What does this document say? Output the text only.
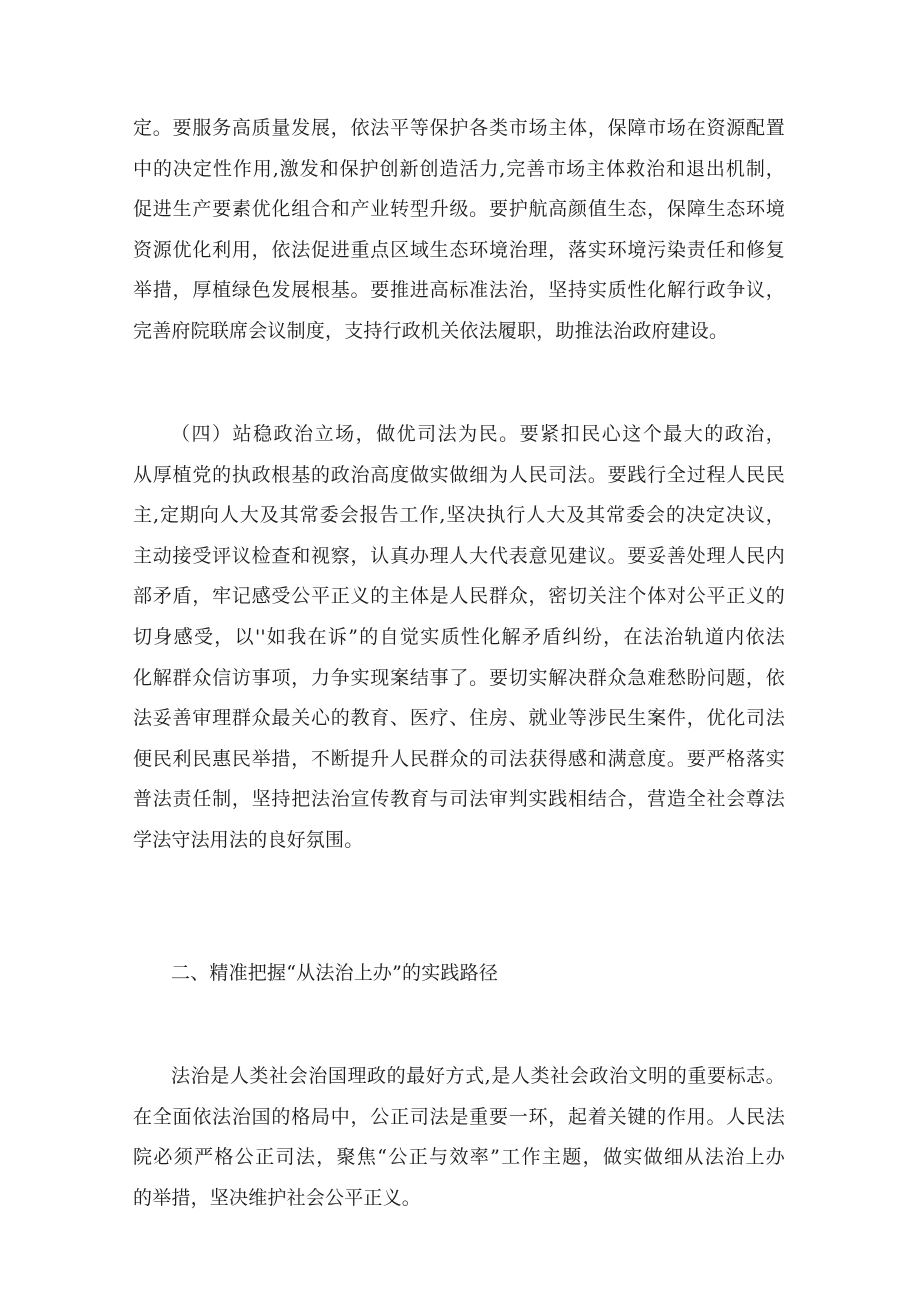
定。要服务高质量发展，依法平等保护各类市场主体，保障市场在资源配置
中的决定性作用,激发和保护创新创造活力,完善市场主体救治和退出机制，
促进生产要素优化组合和产业转型升级。要护航高颜值生态，保障生态环境
资源优化利用，依法促进重点区域生态环境治理，落实环境污染责任和修复
举措，厚植绿色发展根基。要推进高标准法治，坚持实质性化解行政争议，
完善府院联席会议制度，支持行政机关依法履职，助推法治政府建设。
（四）站稳政治立场，做优司法为民。要紧扣民心这个最大的政治，
从厚植党的执政根基的政治高度做实做细为人民司法。要践行全过程人民民
主,定期向人大及其常委会报告工作,坚决执行人大及其常委会的决定决议，
主动接受评议检查和视察，认真办理人大代表意见建议。要妥善处理人民内
部矛盾，牢记感受公平正义的主体是人民群众，密切关注个体对公平正义的
切身感受，以''如我在诉”的自觉实质性化解矛盾纠纷，在法治轨道内依法
化解群众信访事项，力争实现案结事了。要切实解决群众急难愁盼问题，依
法妥善审理群众最关心的教育、医疗、住房、就业等涉民生案件，优化司法
便民利民惠民举措，不断提升人民群众的司法获得感和满意度。要严格落实
普法责任制，坚持把法治宣传教育与司法审判实践相结合，营造全社会尊法
学法守法用法的良好氛围。
二、精准把握“从法治上办”的实践路径
法治是人类社会治国理政的最好方式,是人类社会政治文明的重要标志。
在全面依法治国的格局中，公正司法是重要一环，起着关键的作用。人民法
院必须严格公正司法，聚焦“公正与效率”工作主题，做实做细从法治上办
的举措，坚决维护社会公平正义。
